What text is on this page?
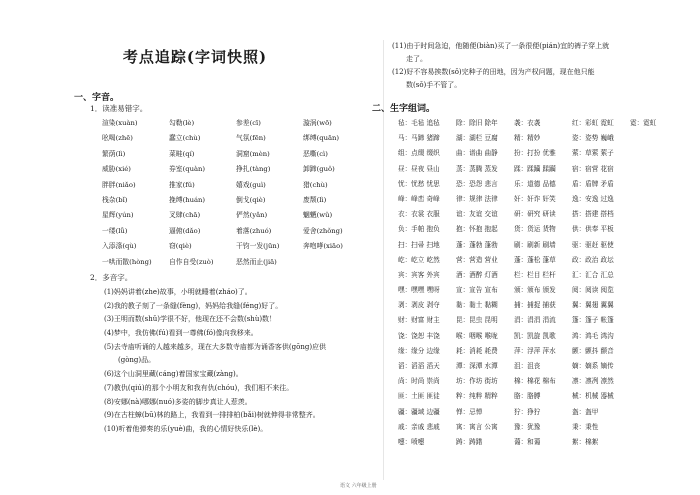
考点追踪(字词快照)
一、字音。
1．读准易错字。
渲染(xuàn)	勾勒(lè)	参差(cī)	漩涡(wō)
吆喝(zhē)	蠢立(chù)	气氛(fēn)	绑缚(quān)
繁荫(lì)	菜畦(qí)	洞窟(mèn)	恶嘶(cì)
威胁(xié)	券室(quàn)	挣扎(tàng)	卸蹄(guǒ)
胖胖(niǎo)	推家(fǔ)	嬉戏(guì)	猎(chù)
栈杂(bǐ)	挽缚(huán)	倒戈(qiè)	废颓(lì)
星辉(yún)	叉肆(chā)	俨然(yǎn)	魍魉(wǔ)
一缕(lǚ)	逼俯(dǎo)	着落(zhuó)	爱舍(zhǒng)
入添涤(qù)	窃(qiè)	干钧一发(jūn)	奔咆哮(xiāo)
一哄而散(hòng)	自作自受(zuò)	恶然而止(jiā)
2．多音字。
(1)妈妈讲着(zhe)故事，小明就睡着(zháo)了。
(2)我的教子刻了一条缝(fèng)，妈妈给我缝(féng)好了。
(3)王明而数(shǔ)学很不好，他现在还不会数(shù)数！
(4)梦中，我仿佛(fú)看到一尊佛(fó)像向我移来。
(5)去寺庙听诵的人越来越多，现在大多数寺庙都为诵香客供(gōng)应供
(gòng)品。
(6)这个山洞里藏(cáng)着国家宝藏(zàng)。
(7)教仇(qiú)的那个小明友和我有仇(chóu)，我们相不来往。
(8)安娜(nà)哪娜(nuó)多姿的脚步真让人惹羡。
(9)在古柱蟑(bū)林的路上，我看到一排排柏(bǎi)树就伸得非常整齐。
(10)听着他弹奏的乐(yuè)曲，我的心情好快乐(lè)。
(11)由于时间急迫，他随便(biàn)买了一条很便(pián)宜的裤子穿上就
走了。
(12)好不容易挨数(sǒ)完种子的田地，因为产权问题，现在他只能
数(sǒ)手不管了。
二、生字组词。
毡：毛毡 追毡	除：除旧 除年	袭：衣袭	红：彩虹 霓虹	霓：霓虹
马：马蹄 猪蹄	湖：湖栏 豆腐	精：精妙	姿：姿势 巍峨
组：点缀 缀织	曲：谱曲 曲静	扮：打扮 优雅	萦：草萦 萦子
昼：昼夜 昼山	蒸：蒸腾 蒸发	蹂：蹂躏 蹂躏	宿：宿营 花宿
忧：忧愁 忧思	恐：恐怨 悲言	乐：道德 品德	盾：盾牌 矛盾
峰：峰峦 奇峰	律：规律 法律	奸：奸诈 奸笑	逸：安逸 过逸
衣：衣裳 衣服	谊：友谊 交谊	研：研究 研读	搭：搭建 搭档
负：手帕 抱负	抱：怀抱 抱起	货：货运 货物	供：供奉 平板
扫：扫帚 扫地	蓬：蓬勃 蓬勃	刷：刷新 刷墙	驱：驱赶 驱使
屹：屹立 屹然	营：营造 营业	蓬：蓬松 蓬草	政：政治 政坛
宾：宾客 外宾	酒：酒醉 灯酒	栏：栏目 栏杆	汇：汇合 汇总
嘿：嘿嘿 嘿呀	宣：宣告 宣布	颁：颁布 颁发	阅：阅读 阅览
剥：剥皮 剥夺	黏：黏土 黏糊	捕：捕捉 捕获	翼：翼翅 翼翼
财：财富 财主	昆：昆虫 昆明	涓：涓涓 涓流	篷：篷子 帐篷
饶：饶恕 丰饶	喉：咽喉 喉咙	凯：凯旋 凯歌	鸿：鸿毛 鸿沟
缘：缘分 边缘	耗：消耗 耗费	萍：浮萍 萍水	颤：颤抖 颤音
滔：滔滔 滔天	潭：深潭 水潭	沮：沮丧	嫡：嫡系 嫡传
尚：时尚 崇尚	坊：作坊 街坊	棉：棉花 棉布	凛：凛冽 凛然
匪：土匪 匪徒	粹：纯粹 精粹	胳：胳膊	械：机械 器械
疆：疆域 边疆	惮：忌惮	狞：狰狞	盔：盔甲
戚：亲戚 悲戚	寓：寓言 公寓	豫：犹豫	秉：秉性
嚏：喷嚏	踌：踌躇	蔼：和蔼	絮：棉絮
语文 六年级上册
